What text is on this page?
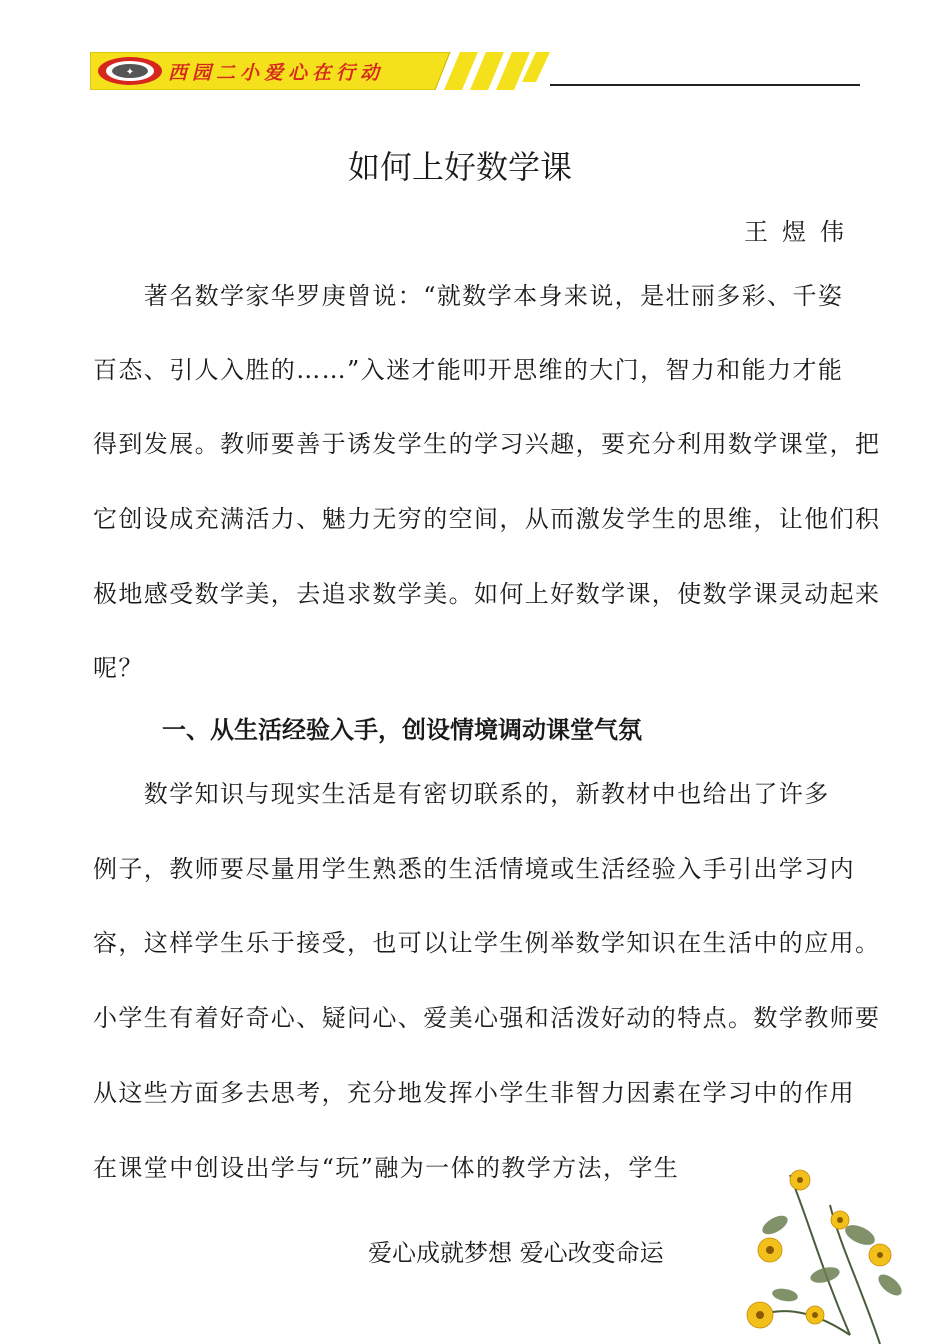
✦ 西园二小爱心在行动
如何上好数学课
王煜伟
　　著名数学家华罗庚曾说：“就数学本身来说，是壮丽多彩、千姿
百态、引人入胜的……”入迷才能叩开思维的大门，智力和能力才能
得到发展。教师要善于诱发学生的学习兴趣，要充分利用数学课堂，把
它创设成充满活力、魅力无穷的空间，从而激发学生的思维，让他们积
极地感受数学美，去追求数学美。如何上好数学课，使数学课灵动起来
呢？
一、从生活经验入手，创设情境调动课堂气氛
　　数学知识与现实生活是有密切联系的，新教材中也给出了许多
例子，教师要尽量用学生熟悉的生活情境或生活经验入手引出学习内
容，这样学生乐于接受，也可以让学生例举数学知识在生活中的应用。
小学生有着好奇心、疑问心、爱美心强和活泼好动的特点。数学教师要
从这些方面多去思考，充分地发挥小学生非智力因素在学习中的作用
在课堂中创设出学与“玩”融为一体的教学方法，学生
爱心成就梦想 爱心改变命运
